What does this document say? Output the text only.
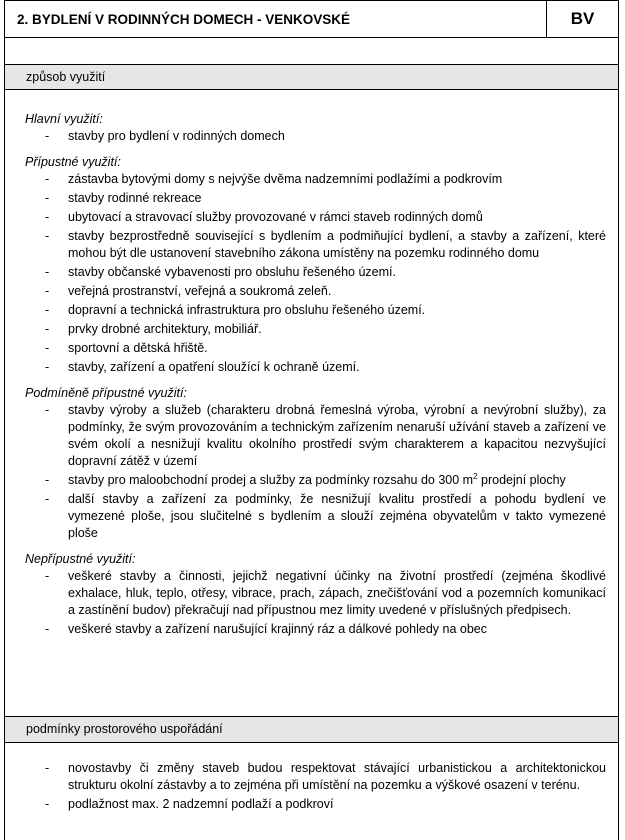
2. BYDLENÍ V RODINNÝCH DOMECH - VENKOVSKÉ	BV
způsob využití

Hlavní využití:

- stavby pro bydlení v rodinných domech

Přípustné využití:

- zástavba bytovými domy s nejvýše dvěma nadzemními podlažími a podkrovím
- stavby rodinné rekreace
- ubytovací a stravovací služby provozované v rámci staveb rodinných domů
- stavby bezprostředně související s bydlením a podmiňující bydlení, a stavby a zařízení, které mohou být dle ustanovení stavebního zákona umístěny na pozemku rodinného domu
- stavby občanské vybavenosti pro obsluhu řešeného území.
- veřejná prostranství, veřejná a soukromá zeleň.
- dopravní a technická infrastruktura pro obsluhu řešeného území.
- prvky drobné architektury, mobiliář.
- sportovní a dětská hřiště.
- stavby, zařízení a opatření sloužící k ochraně území.

Podmíněně přípustné využití:

- stavby výroby a služeb (charakteru drobná řemeslná výroba, výrobní a nevýrobní služby), za podmínky, že svým provozováním a technickým zařízením nenaruší užívání staveb a zařízení ve svém okolí a nesnižují kvalitu okolního prostředí svým charakterem a kapacitou nezvyšující dopravní zátěž v území
- stavby pro maloobchodní prodej a služby za podmínky rozsahu do 300 $m^2$ prodejní plochy
- další stavby a zařízení za podmínky, že nesnižují kvalitu prostředí a pohodu bydlení ve vymezené ploše, jsou slučitelné s bydlením a slouží zejména obyvatelům v takto vymezené ploše

Nepřípustné využití:

- veškeré stavby a činnosti, jejichž negativní účinky na životní prostředí (zejména škodlivé exhalace, hluk, teplo, otřesy, vibrace, prach, zápach, znečišťování vod a pozemních komunikací a zastínění budov) překračují nad přípustnou mez limity uvedené v příslušných předpisech.
- veškeré stavby a zařízení narušující krajinný ráz a dálkové pohledy na obec
podmínky prostorového uspořádání
- novostavby či změny staveb budou respektovat stávající urbanistickou a architektonickou strukturu okolní zástavby a to zejména při umístění na pozemku a výškové osazení v terénu.
- podlažnost max. 2 nadzemní podlaží a podkroví
